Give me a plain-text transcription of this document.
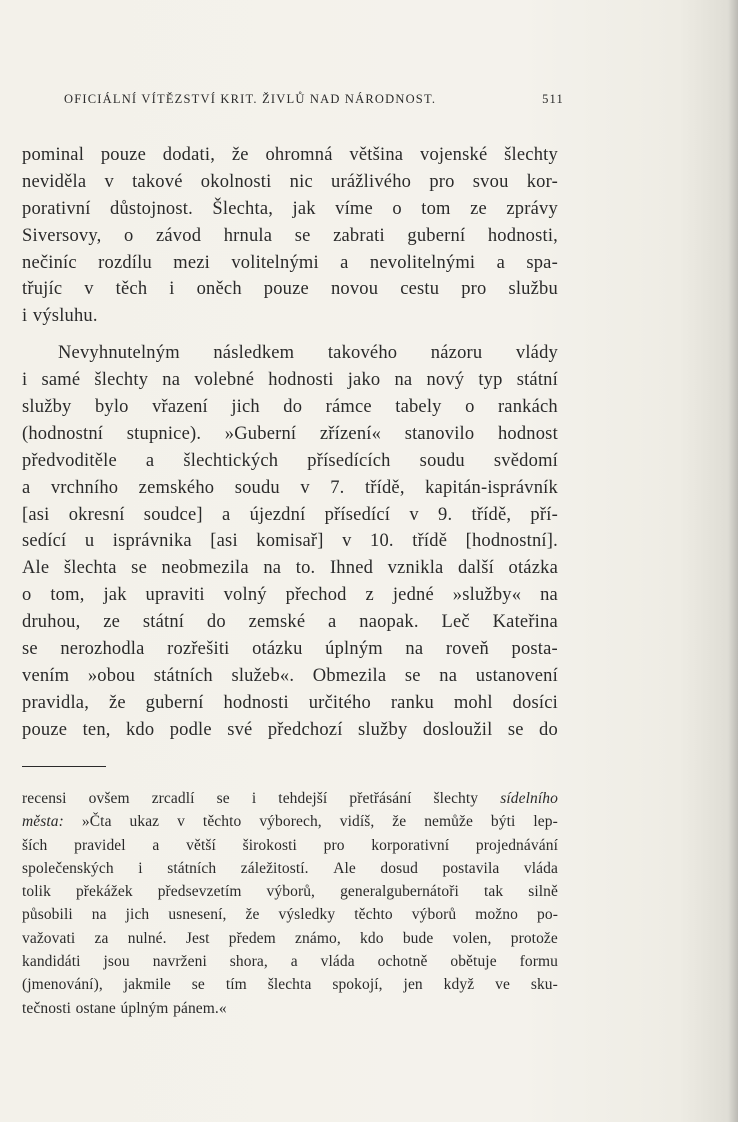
OFICIÁLNÍ VÍTĚZSTVÍ KRIT. ŽIVLŮ NAD NÁRODNOST.	511
pominal pouze dodati, že ohromná většina vojenské šlechty
neviděla v takové okolnosti nic urážlivého pro svou kor-
porativní důstojnost. Šlechta, jak víme o tom ze zprávy
Siversovy, o závod hrnula se zabrati guberní hodnosti,
nečiníc rozdílu mezi volitelnými a nevolitelnými a spa-
třujíc v těch i oněch pouze novou cestu pro službu
i výsluhu.
Nevyhnutelným následkem takového názoru vlády
i samé šlechty na volebné hodnosti jako na nový typ státní
služby bylo vřazení jich do rámce tabely o rankách
(hodnostní stupnice). »Guberní zřízení« stanovilo hodnost
předvoditěle a šlechtických přísedících soudu svědomí
a vrchního zemského soudu v 7. třídě, kapitán-isprávník
[asi okresní soudce] a újezdní přísedící v 9. třídě, pří-
sedící u isprávnika [asi komisař] v 10. třídě [hodnostní].
Ale šlechta se neobmezila na to. Ihned vznikla další otázka
o tom, jak upraviti volný přechod z jedné »služby« na
druhou, ze státní do zemské a naopak. Leč Kateřina
se nerozhodla rozřešiti otázku úplným na roveň posta-
vením »obou státních služeb«. Obmezila se na ustanovení
pravidla, že guberní hodnosti určitého ranku mohl dosíci
pouze ten, kdo podle své předchozí služby dosloužil se do
recensi ovšem zrcadlí se i tehdejší přetřásání šlechty sídelního
města: »Čta ukaz v těchto výborech, vidíš, že nemůže býti lep-
ších pravidel a větší širokosti pro korporativní projednávání
společenských i státních záležitostí. Ale dosud postavila vláda
tolik překážek předsevzetím výborů, generalgubernátoři tak silně
působili na jich usnesení, že výsledky těchto výborů možno po-
važovati za nulné. Jest předem známo, kdo bude volen, protože
kandidáti jsou navrženi shora, a vláda ochotně obětuje formu
(jmenování), jakmile se tím šlechta spokojí, jen když ve sku-
tečnosti ostane úplným pánem.«
